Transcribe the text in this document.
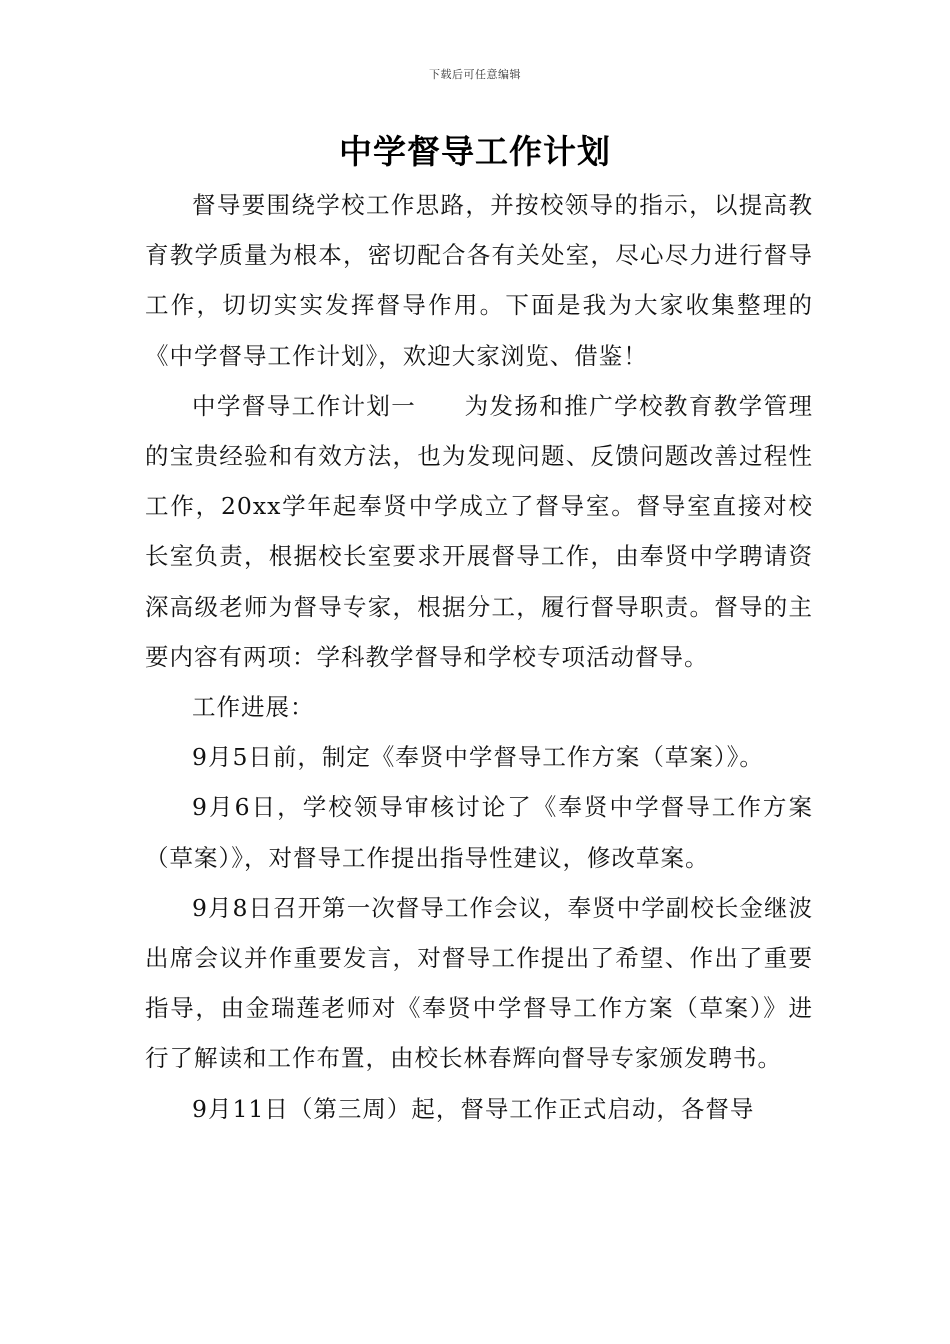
下载后可任意编辑
中学督导工作计划

督导要围绕学校工作思路，并按校领导的指示，以提高教育教学质量为根本，密切配合各有关处室，尽心尽力进行督导工作，切切实实发挥督导作用。下面是我为大家收集整理的《中学督导工作计划》，欢迎大家浏览、借鉴！

中学督导工作计划一 为发扬和推广学校教育教学管理的宝贵经验和有效方法，也为发现问题、反馈问题改善过程性工作，20xx学年起奉贤中学成立了督导室。督导室直接对校长室负责，根据校长室要求开展督导工作，由奉贤中学聘请资深高级老师为督导专家，根据分工，履行督导职责。督导的主要内容有两项：学科教学督导和学校专项活动督导。

工作进展：

9月5日前，制定《奉贤中学督导工作方案（草案）》。

9月6日，学校领导审核讨论了《奉贤中学督导工作方案（草案）》，对督导工作提出指导性建议，修改草案。

9月8日召开第一次督导工作会议，奉贤中学副校长金继波出席会议并作重要发言，对督导工作提出了希望、作出了重要指导，由金瑞莲老师对《奉贤中学督导工作方案（草案）》进行了解读和工作布置，由校长林春辉向督导专家颁发聘书。

9月11日（第三周）起，督导工作正式启动，各督导
